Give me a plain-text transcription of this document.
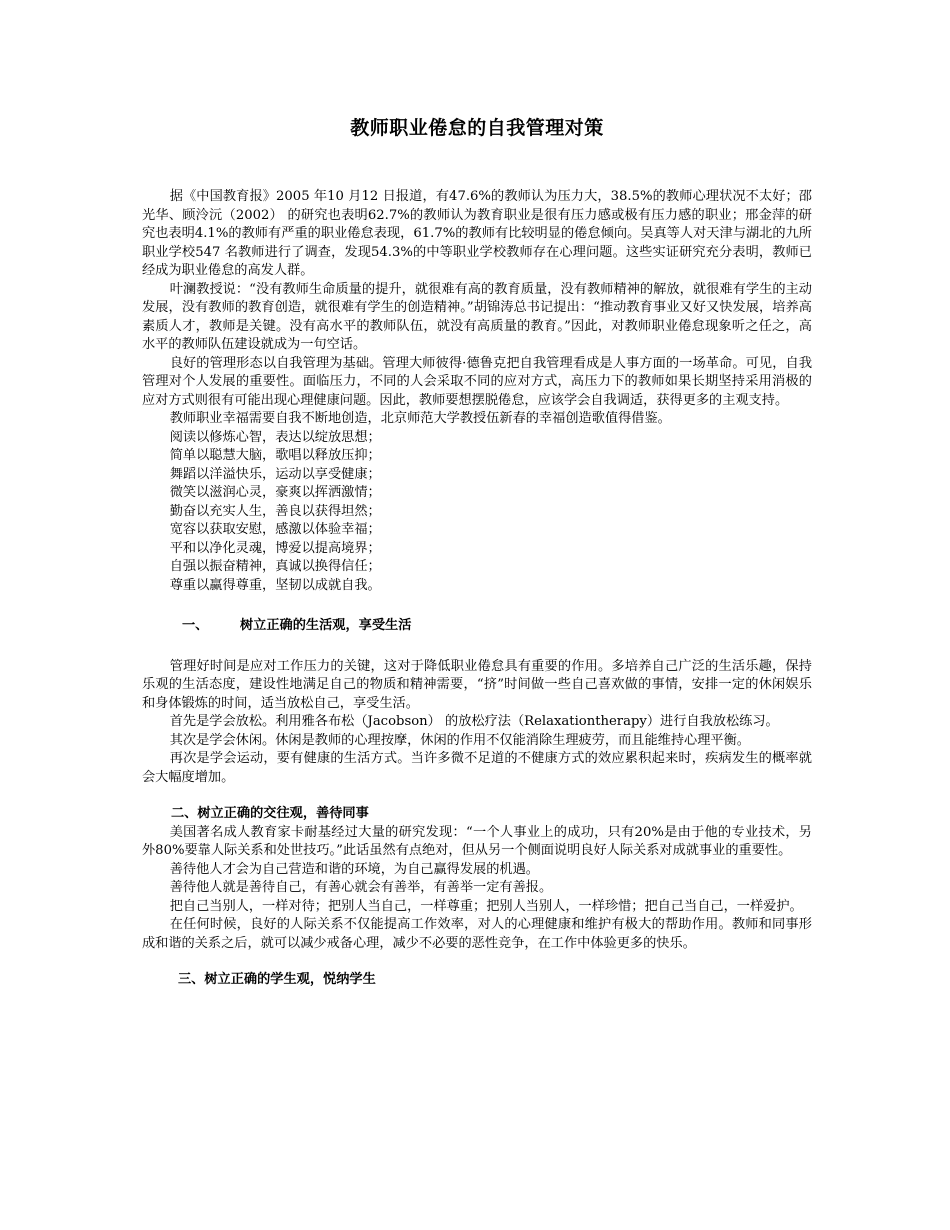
教师职业倦怠的自我管理对策

据《中国教育报》2005 年10 月12 日报道，有47.6%的教师认为压力大，38.5%的教师心理状况不太好；邵光华、顾泠沅（2002） 的研究也表明62.7%的教师认为教育职业是很有压力感或极有压力感的职业；邢金萍的研究也表明4.1%的教师有严重的职业倦怠表现，61.7%的教师有比较明显的倦怠倾向。吴真等人对天津与湖北的九所职业学校547 名教师进行了调查，发现54.3%的中等职业学校教师存在心理问题。这些实证研究充分表明，教师已经成为职业倦怠的高发人群。

叶澜教授说：“没有教师生命质量的提升，就很难有高的教育质量，没有教师精神的解放，就很难有学生的主动发展，没有教师的教育创造，就很难有学生的创造精神。”胡锦涛总书记提出：“推动教育事业又好又快发展，培养高素质人才，教师是关键。没有高水平的教师队伍，就没有高质量的教育。”因此，对教师职业倦怠现象听之任之，高水平的教师队伍建设就成为一句空话。

良好的管理形态以自我管理为基础。管理大师彼得·德鲁克把自我管理看成是人事方面的一场革命。可见，自我管理对个人发展的重要性。面临压力，不同的人会采取不同的应对方式，高压力下的教师如果长期坚持采用消极的应对方式则很有可能出现心理健康问题。因此，教师要想摆脱倦怠，应该学会自我调适，获得更多的主观支持。

教师职业幸福需要自我不断地创造，北京师范大学教授伍新春的幸福创造歌值得借鉴。

阅读以修炼心智，表达以绽放思想；
简单以聪慧大脑，歌唱以释放压抑；
舞蹈以洋溢快乐，运动以享受健康；
微笑以滋润心灵，豪爽以挥洒激情；
勤奋以充实人生，善良以获得坦然；
宽容以获取安慰，感激以体验幸福；
平和以净化灵魂，博爱以提高境界；
自强以振奋精神，真诚以换得信任；
尊重以赢得尊重，坚韧以成就自我。
一、 树立正确的生活观，享受生活

管理好时间是应对工作压力的关键，这对于降低职业倦怠具有重要的作用。多培养自己广泛的生活乐趣，保持乐观的生活态度，建设性地满足自己的物质和精神需要，“挤”时间做一些自己喜欢做的事情，安排一定的休闲娱乐和身体锻炼的时间，适当放松自己，享受生活。

首先是学会放松。利用雅各布松（Jacobson） 的放松疗法（Relaxationtherapy）进行自我放松练习。

其次是学会休闲。休闲是教师的心理按摩，休闲的作用不仅能消除生理疲劳，而且能维持心理平衡。

再次是学会运动，要有健康的生活方式。当许多微不足道的不健康方式的效应累积起来时，疾病发生的概率就会大幅度增加。

二、树立正确的交往观，善待同事

美国著名成人教育家卡耐基经过大量的研究发现：“一个人事业上的成功，只有20%是由于他的专业技术，另外80%要靠人际关系和处世技巧。”此话虽然有点绝对，但从另一个侧面说明良好人际关系对成就事业的重要性。

善待他人才会为自己营造和谐的环境，为自己赢得发展的机遇。

善待他人就是善待自己，有善心就会有善举，有善举一定有善报。

把自己当别人，一样对待；把别人当自己，一样尊重；把别人当别人，一样珍惜；把自己当自己，一样爱护。

在任何时候，良好的人际关系不仅能提高工作效率，对人的心理健康和维护有极大的帮助作用。教师和同事形成和谐的关系之后，就可以减少戒备心理，减少不必要的恶性竞争，在工作中体验更多的快乐。

三、树立正确的学生观，悦纳学生
